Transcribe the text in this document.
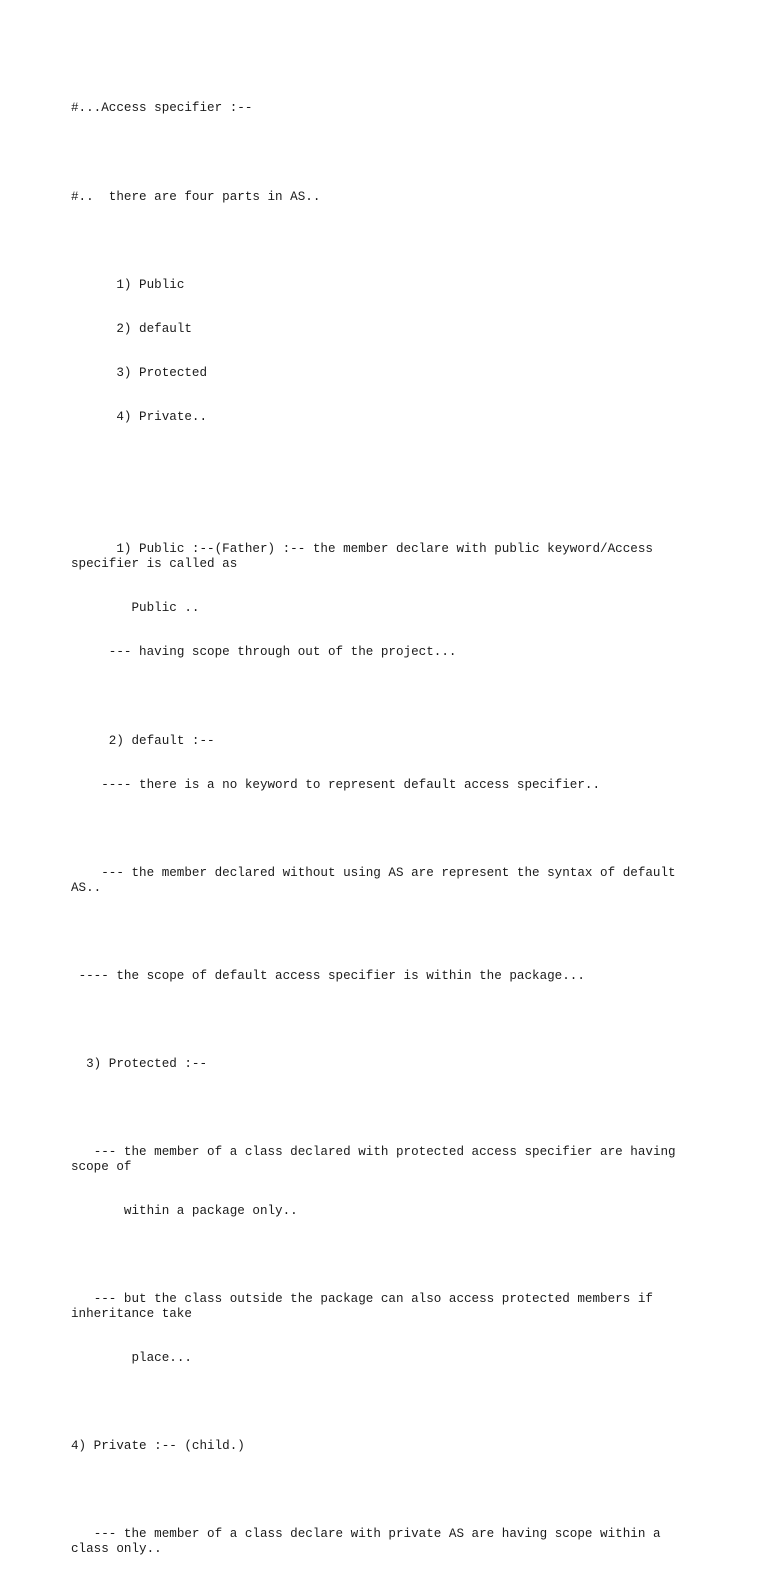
#...Access specifier :--

#..  there are four parts in AS..

1) Public

2) default

3) Protected

4) Private..

1) Public :--(Father) :-- the member declare with public keyword/Access specifier is called as

Public ..

--- having scope through out of the project...

2) default :--

---- there is a no keyword to represent default access specifier..

--- the member declared without using AS are represent the syntax of default AS..

---- the scope of default access specifier is within the package...

3) Protected :--

--- the member of a class declared with protected access specifier are having scope of

within a package only..

--- but the class outside the package can also access protected members if inheritance take

place...

4) Private :-- (child.)

--- the member of a class declare with private AS are having scope within a class only..
